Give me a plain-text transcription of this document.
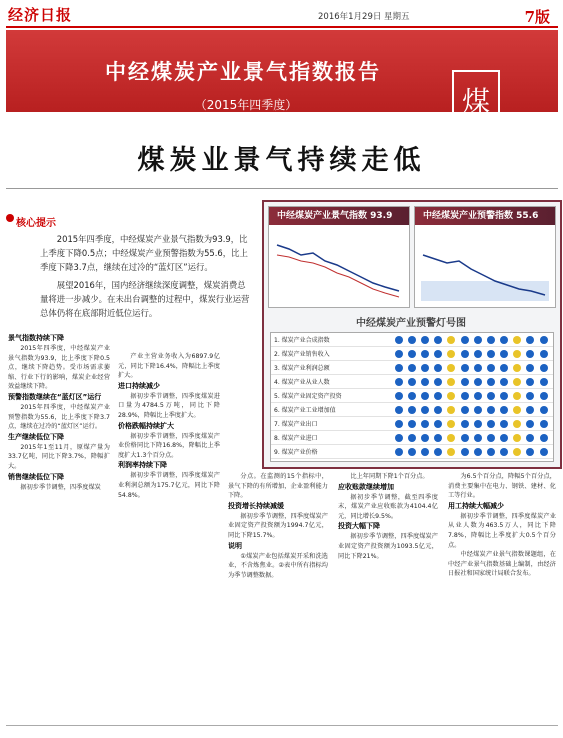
经济日报	2016年1月29日 星期五	7版
中经煤炭产业景气指数报告
（2015年四季度）	煤
煤炭业景气持续走低
核心提示

2015年四季度，中经煤炭产业景气指数为93.9，比上季度下降0.5点；中经煤炭产业预警指数为55.6，比上季度下降3.7点，继续在过冷的“蓝灯区”运行。

展望2016年，国内经济继续深度调整，煤炭消费总量将进一步减少。在未出台调整的过程中，煤炭行业运营总体仍将在底部附近低位运行。

中经煤炭产业景气指数 93.9	中经煤炭产业预警指数 55.6
中经煤炭产业预警灯号图
1. 煤炭产业合成指数
2. 煤炭产业销售收入
3. 煤炭产业利润总额
4. 煤炭产业从业人数
5. 煤炭产业固定资产投资
6. 煤炭产业工业增加值
7. 煤炭产业出口
8. 煤炭产业进口
9. 煤炭产业价格
景气指数持续下降
2015年四季度，中经煤炭产业景气指数为93.9，比上季度下降0.5点，继续下降趋势。受市场需求萎缩、行业下行的影响，煤炭企业经营效益继续下降。
预警指数继续在“蓝灯区”运行
2015年四季度，中经煤炭产业预警指数为55.6，比上季度下降3.7点，继续在过冷的“蓝灯区”运行。
生产继续低位下降
2015年1至11月，原煤产量为33.7亿吨，同比下降3.7%，降幅扩大。
销售继续低位下降
据初步季节调整，四季度煤炭
产业主营业务收入为6897.9亿元，同比下降16.4%，降幅比上季度扩大。
进口持续减少
据初步季节调整，四季度煤炭进口量为4784.5万吨，同比下降28.9%，降幅比上季度扩大。
价格跌幅持续扩大
据初步季节调整，四季度煤炭产业价格同比下降16.8%，降幅比上季度扩大1.3个百分点。
利润率持续下降
据初步季节调整，四季度煤炭产业利润总额为175.7亿元，同比下降54.8%。
分点。在监测的15个指标中，景气下降的有所增加，企业盈利能力下降。
投资增长持续减缓
据初步季节调整，四季度煤炭产业固定资产投资额为1994.7亿元，同比下降15.7%。
说明
①煤炭产业包括煤炭开采和洗选业，不含炼焦业。②表中所有指标均为季节调整数据。
比上年同期下降1个百分点。
应收账款继续增加
据初步季节调整，截至四季度末，煤炭产业应收账款为4104.4亿元，同比增长9.5%。
投资大幅下降
据初步季节调整，四季度煤炭产业固定资产投资额为1093.5亿元，同比下降21%。
为6.5个百分点，降幅5个百分点，消费主要集中在电力、钢铁、建材、化工等行业。
用工持续大幅减少
据初步季节调整，四季度煤炭产业从业人数为463.5万人，同比下降7.8%，降幅比上季度扩大0.5个百分点。
中经煤炭产业景气指数课题组，在中经产业景气指数基础上编制，由经济日报社和国家统计局联合发布。
